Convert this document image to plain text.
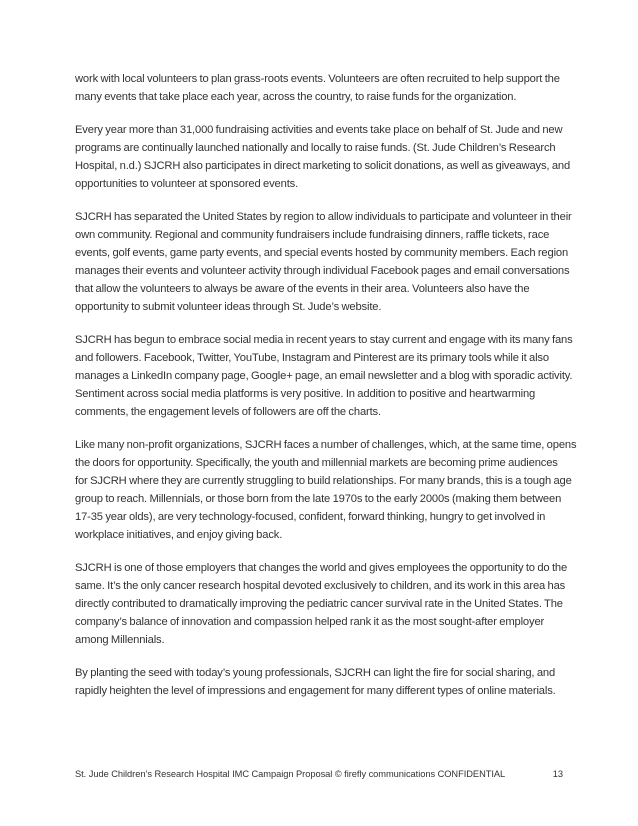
work with local volunteers to plan grass-roots events. Volunteers are often recruited to help support the
many events that take place each year, across the country, to raise funds for the organization.

Every year more than 31,000 fundraising activities and events take place on behalf of St. Jude and new
programs are continually launched nationally and locally to raise funds. (St. Jude Children’s Research
Hospital, n.d.) SJCRH also participates in direct marketing to solicit donations, as well as giveaways, and
opportunities to volunteer at sponsored events.

SJCRH has separated the United States by region to allow individuals to participate and volunteer in their
own community. Regional and community fundraisers include fundraising dinners, raffle tickets, race
events, golf events, game party events, and special events hosted by community members. Each region
manages their events and volunteer activity through individual Facebook pages and email conversations
that allow the volunteers to always be aware of the events in their area. Volunteers also have the
opportunity to submit volunteer ideas through St. Jude’s website.

SJCRH has begun to embrace social media in recent years to stay current and engage with its many fans
and followers. Facebook, Twitter, YouTube, Instagram and Pinterest are its primary tools while it also
manages a LinkedIn company page, Google+ page, an email newsletter and a blog with sporadic activity.
Sentiment across social media platforms is very positive. In addition to positive and heartwarming
comments, the engagement levels of followers are off the charts.

Like many non-profit organizations, SJCRH faces a number of challenges, which, at the same time, opens
the doors for opportunity. Specifically, the youth and millennial markets are becoming prime audiences
for SJCRH where they are currently struggling to build relationships. For many brands, this is a tough age
group to reach. Millennials, or those born from the late 1970s to the early 2000s (making them between
17-35 year olds), are very technology-focused, confident, forward thinking, hungry to get involved in
workplace initiatives, and enjoy giving back.

SJCRH is one of those employers that changes the world and gives employees the opportunity to do the
same. It’s the only cancer research hospital devoted exclusively to children, and its work in this area has
directly contributed to dramatically improving the pediatric cancer survival rate in the United States. The
company’s balance of innovation and compassion helped rank it as the most sought-after employer
among Millennials.

By planting the seed with today’s young professionals, SJCRH can light the fire for social sharing, and
rapidly heighten the level of impressions and engagement for many different types of online materials.

St. Jude Children’s Research Hospital IMC Campaign Proposal © firefly communications CONFIDENTIAL	13
